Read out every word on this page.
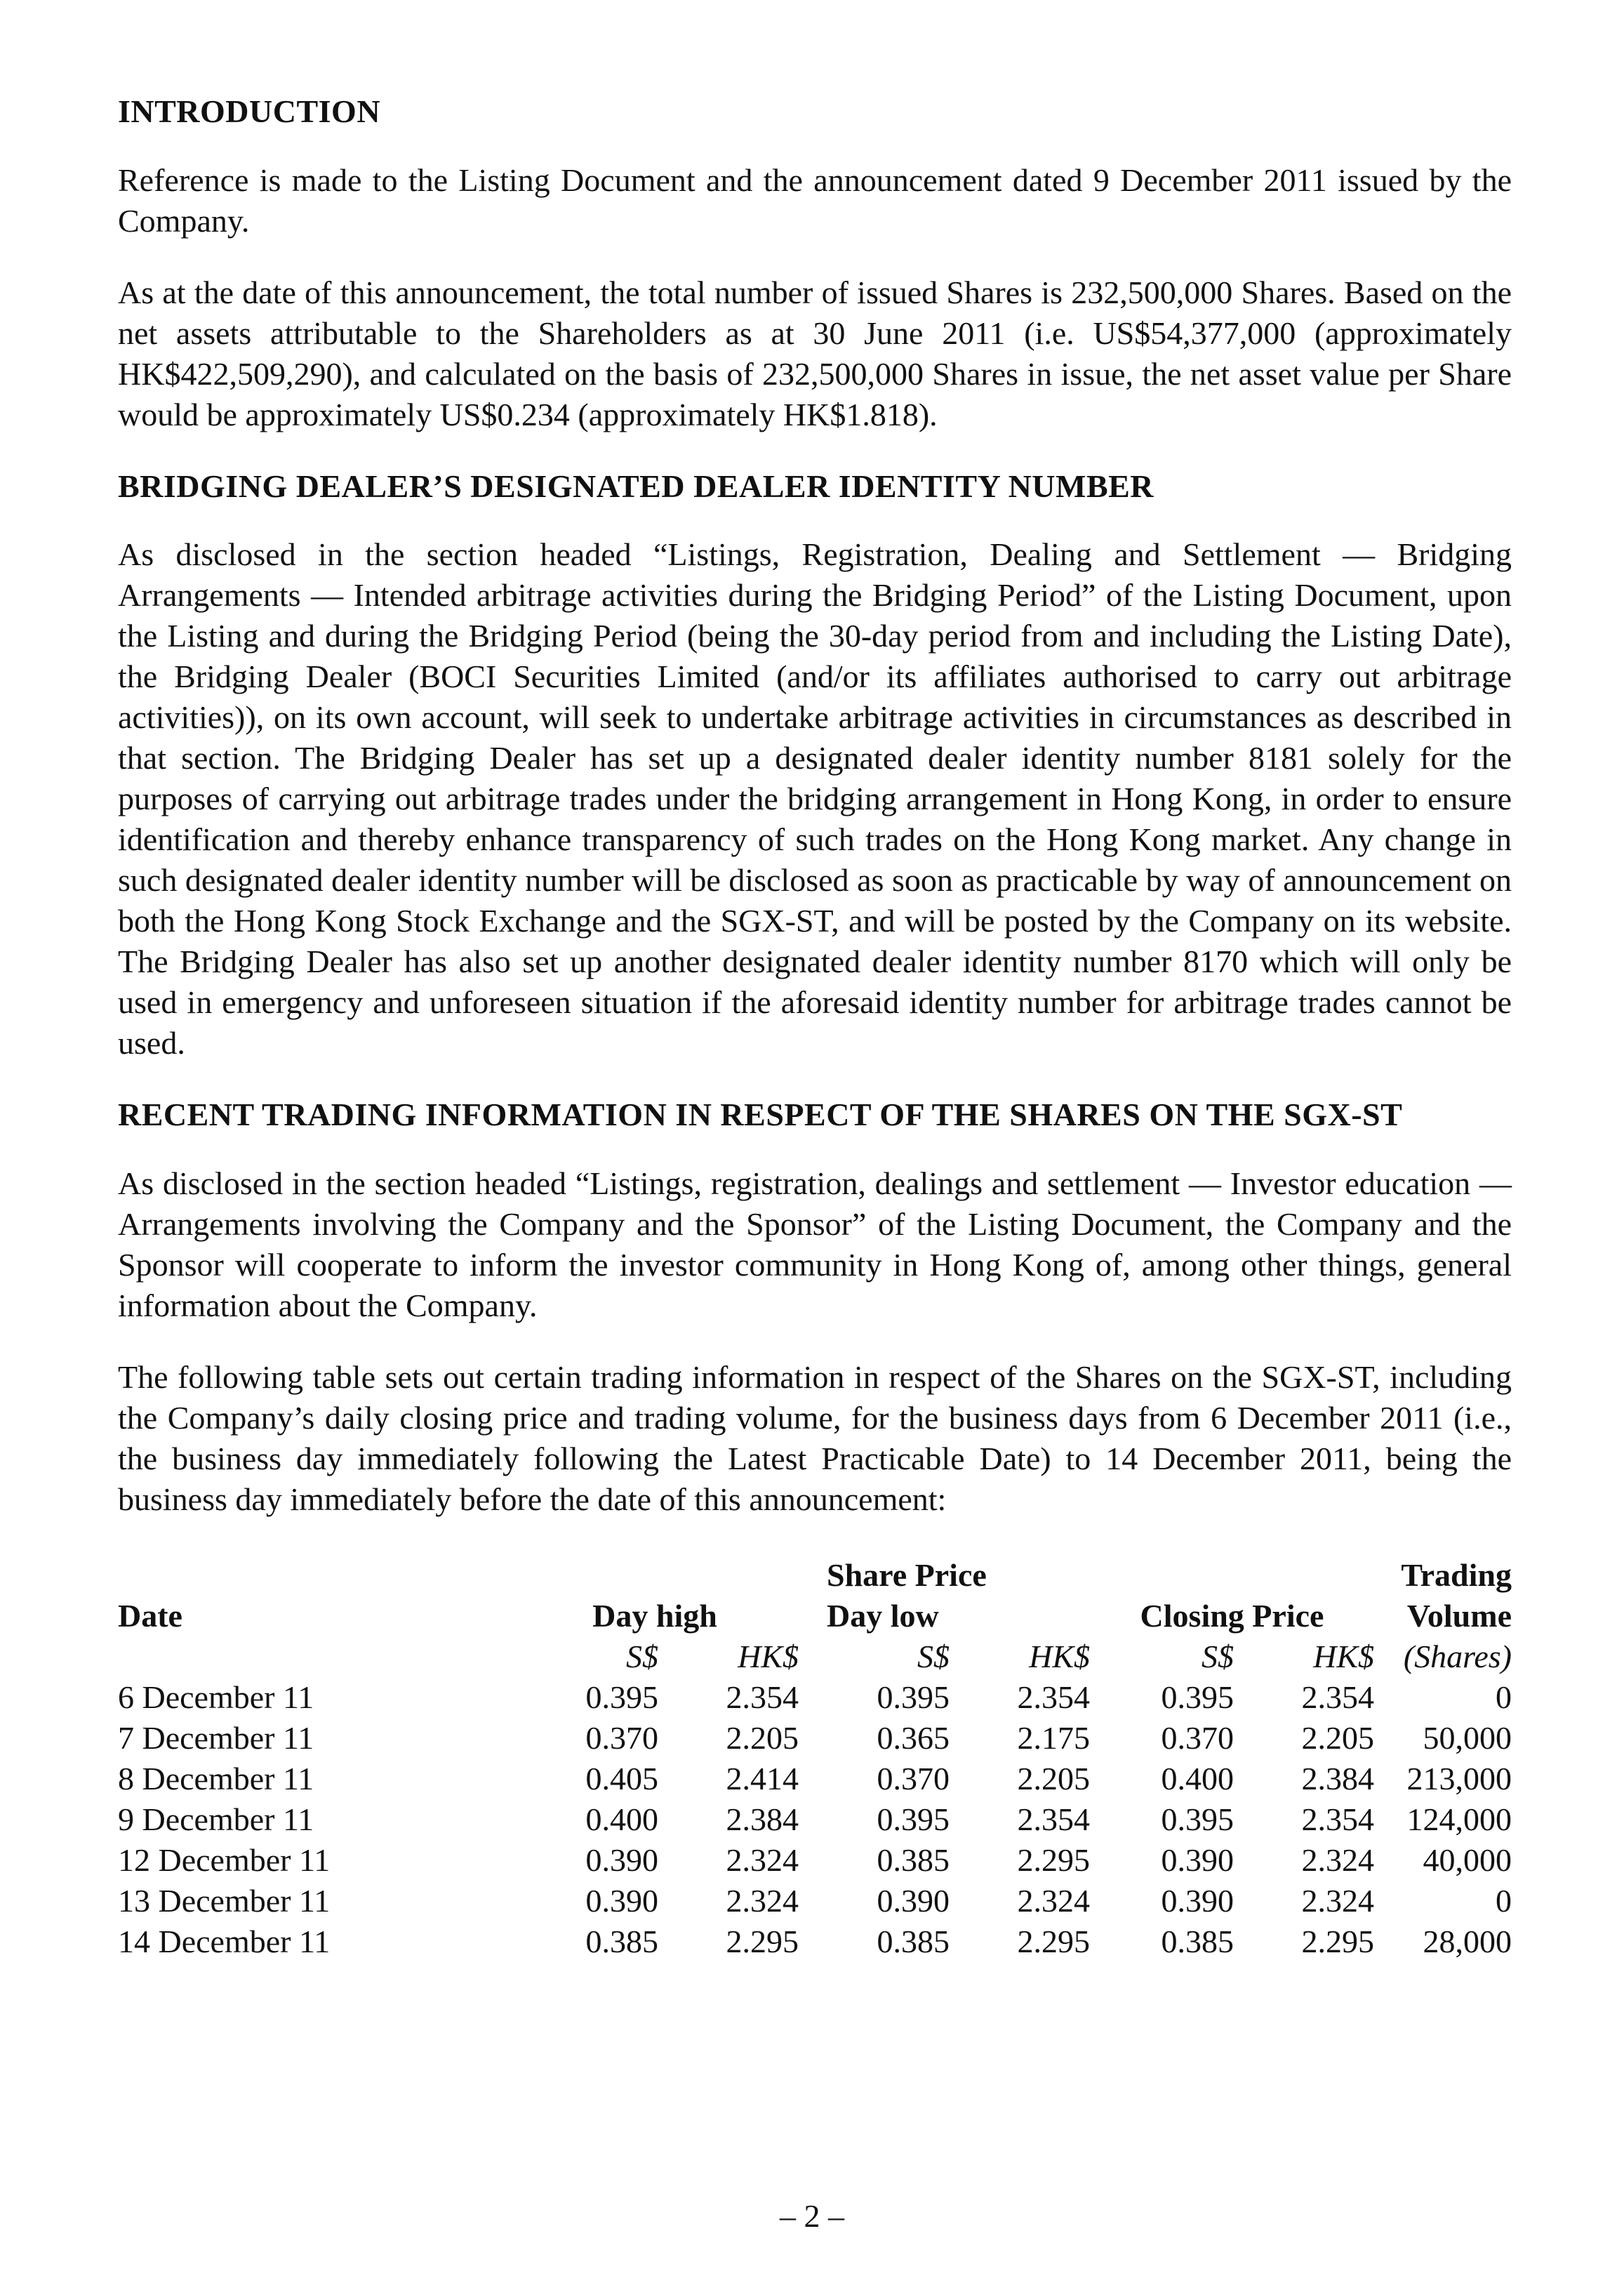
INTRODUCTION

Reference is made to the Listing Document and the announcement dated 9 December 2011 issued by the Company.

As at the date of this announcement, the total number of issued Shares is 232,500,000 Shares. Based on the net assets attributable to the Shareholders as at 30 June 2011 (i.e. US$54,377,000 (approximately HK$422,509,290), and calculated on the basis of 232,500,000 Shares in issue, the net asset value per Share would be approximately US$0.234 (approximately HK$1.818).

BRIDGING DEALER’S DESIGNATED DEALER IDENTITY NUMBER

As disclosed in the section headed “Listings, Registration, Dealing and Settlement — Bridging Arrangements — Intended arbitrage activities during the Bridging Period” of the Listing Document, upon the Listing and during the Bridging Period (being the 30-day period from and including the Listing Date), the Bridging Dealer (BOCI Securities Limited (and/or its affiliates authorised to carry out arbitrage activities)), on its own account, will seek to undertake arbitrage activities in circumstances as described in that section. The Bridging Dealer has set up a designated dealer identity number 8181 solely for the purposes of carrying out arbitrage trades under the bridging arrangement in Hong Kong, in order to ensure identification and thereby enhance transparency of such trades on the Hong Kong market. Any change in such designated dealer identity number will be disclosed as soon as practicable by way of announcement on both the Hong Kong Stock Exchange and the SGX-ST, and will be posted by the Company on its website. The Bridging Dealer has also set up another designated dealer identity number 8170 which will only be used in emergency and unforeseen situation if the aforesaid identity number for arbitrage trades cannot be used.

RECENT TRADING INFORMATION IN RESPECT OF THE SHARES ON THE SGX-ST

As disclosed in the section headed “Listings, registration, dealings and settlement — Investor education — Arrangements involving the Company and the Sponsor” of the Listing Document, the Company and the Sponsor will cooperate to inform the investor community in Hong Kong of, among other things, general information about the Company.

The following table sets out certain trading information in respect of the Shares on the SGX-ST, including the Company’s daily closing price and trading volume, for the business days from 6 December 2011 (i.e., the business day immediately following the Latest Practicable Date) to 14 December 2011, being the business day immediately before the date of this announcement:

			Share Price				Trading
Date	Day high		Day low		Closing Price		Volume
	S$	HK$	S$	HK$	S$	HK$	(Shares)
6 December 11	0.395	2.354	0.395	2.354	0.395	2.354	0
7 December 11	0.370	2.205	0.365	2.175	0.370	2.205	50,000
8 December 11	0.405	2.414	0.370	2.205	0.400	2.384	213,000
9 December 11	0.400	2.384	0.395	2.354	0.395	2.354	124,000
12 December 11	0.390	2.324	0.385	2.295	0.390	2.324	40,000
13 December 11	0.390	2.324	0.390	2.324	0.390	2.324	0
14 December 11	0.385	2.295	0.385	2.295	0.385	2.295	28,000
– 2 –
